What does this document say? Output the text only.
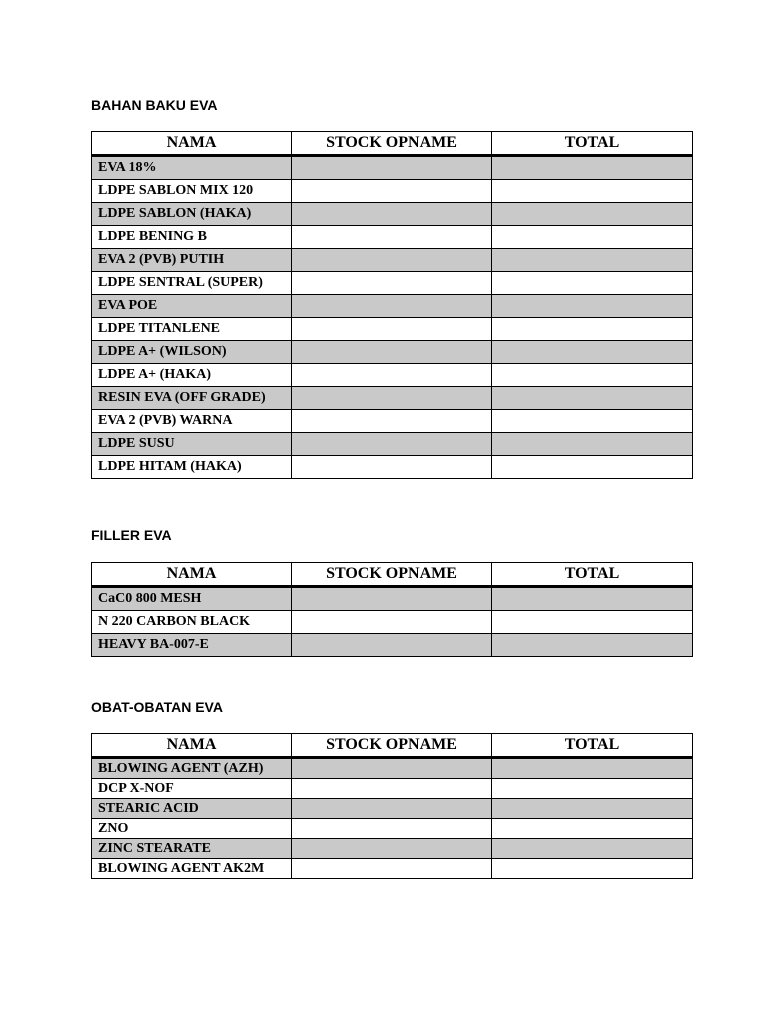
BAHAN BAKU EVA
NAMA	STOCK OPNAME	TOTAL
EVA 18%		
LDPE SABLON MIX 120		
LDPE SABLON (HAKA)		
LDPE BENING B		
EVA 2 (PVB) PUTIH		
LDPE SENTRAL (SUPER)		
EVA POE		
LDPE TITANLENE		
LDPE A+ (WILSON)		
LDPE A+ (HAKA)		
RESIN EVA (OFF GRADE)		
EVA 2 (PVB) WARNA		
LDPE SUSU		
LDPE HITAM (HAKA)		
FILLER EVA
NAMA	STOCK OPNAME	TOTAL
CaC0 800 MESH		
N 220 CARBON BLACK		
HEAVY BA-007-E		
OBAT-OBATAN EVA
NAMA	STOCK OPNAME	TOTAL
BLOWING AGENT (AZH)		
DCP X-NOF		
STEARIC ACID		
ZNO		
ZINC STEARATE		
BLOWING AGENT AK2M		
